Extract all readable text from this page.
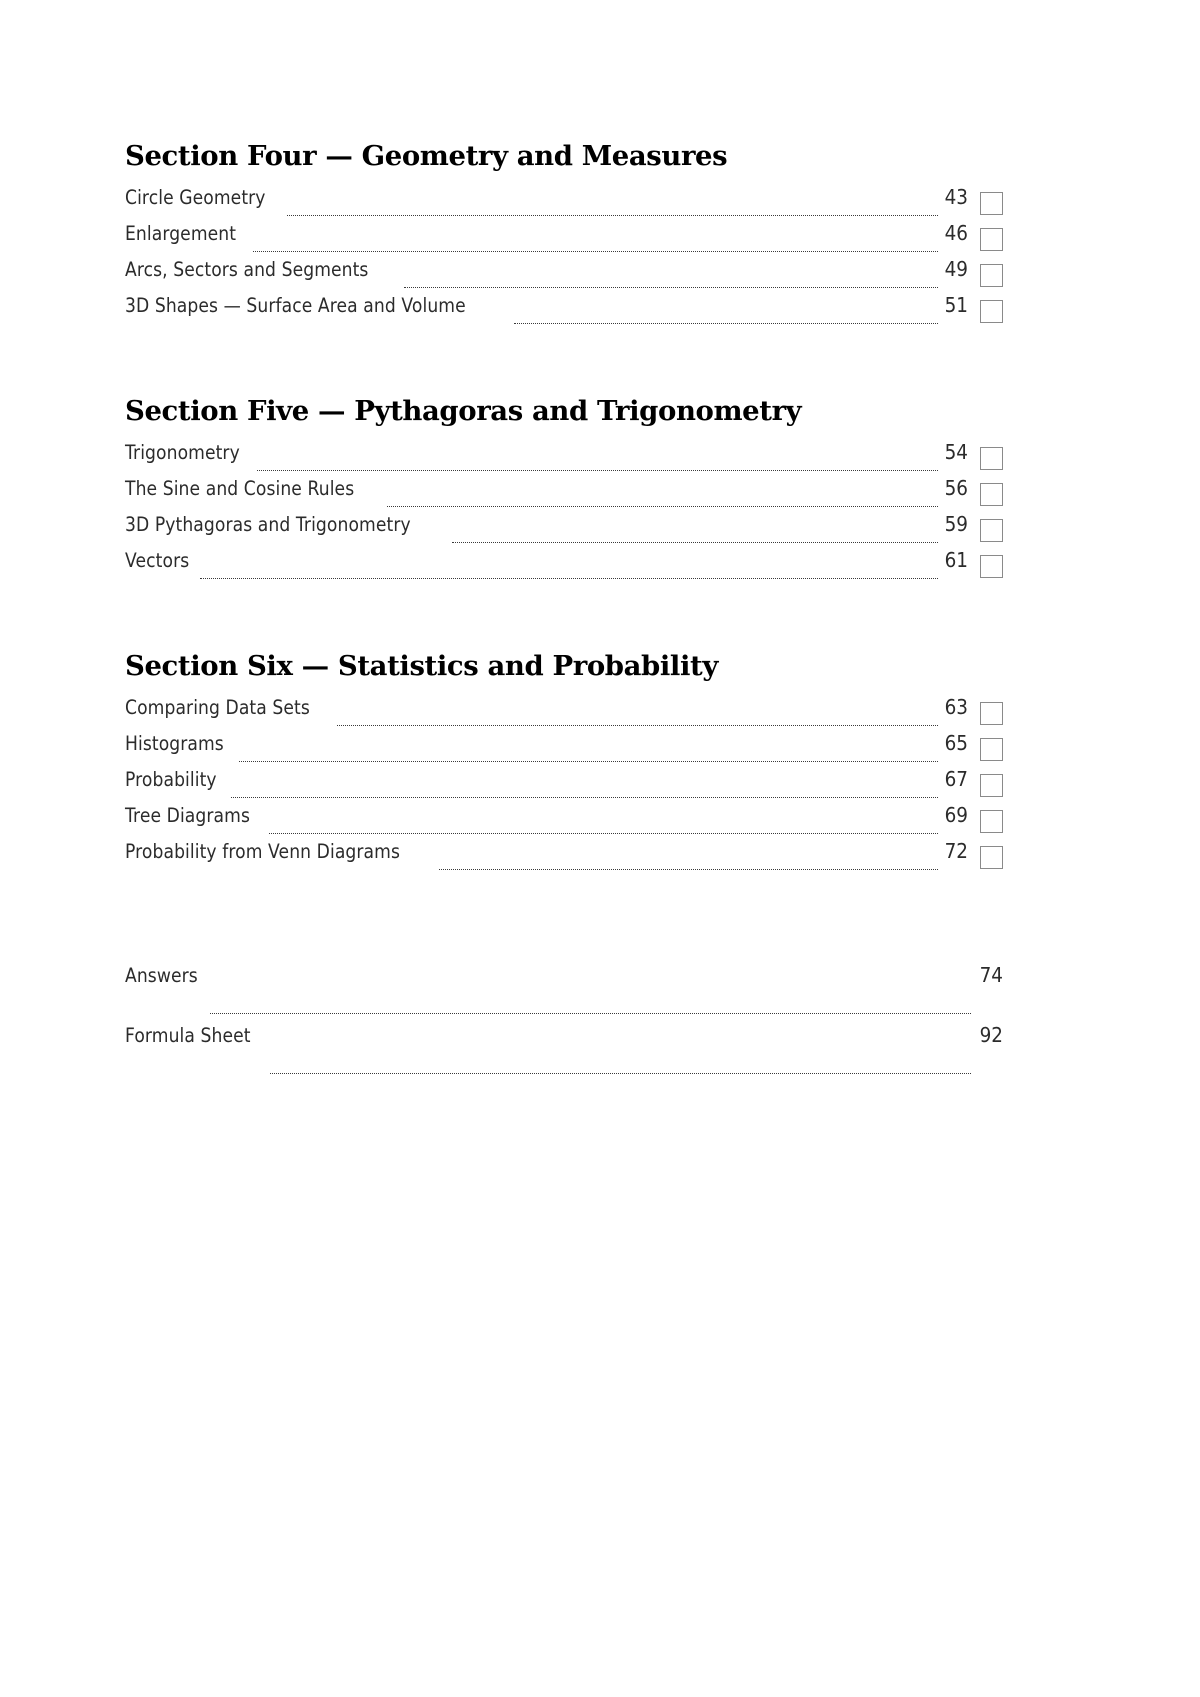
Section Four — Geometry and Measures
Circle Geometry	43
Enlargement	46
Arcs, Sectors and Segments	49
3D Shapes — Surface Area and Volume	51
Section Five — Pythagoras and Trigonometry
Trigonometry	54
The Sine and Cosine Rules	56
3D Pythagoras and Trigonometry	59
Vectors	61
Section Six — Statistics and Probability
Comparing Data Sets	63
Histograms	65
Probability	67
Tree Diagrams	69
Probability from Venn Diagrams	72
Answers	74
Formula Sheet	92
